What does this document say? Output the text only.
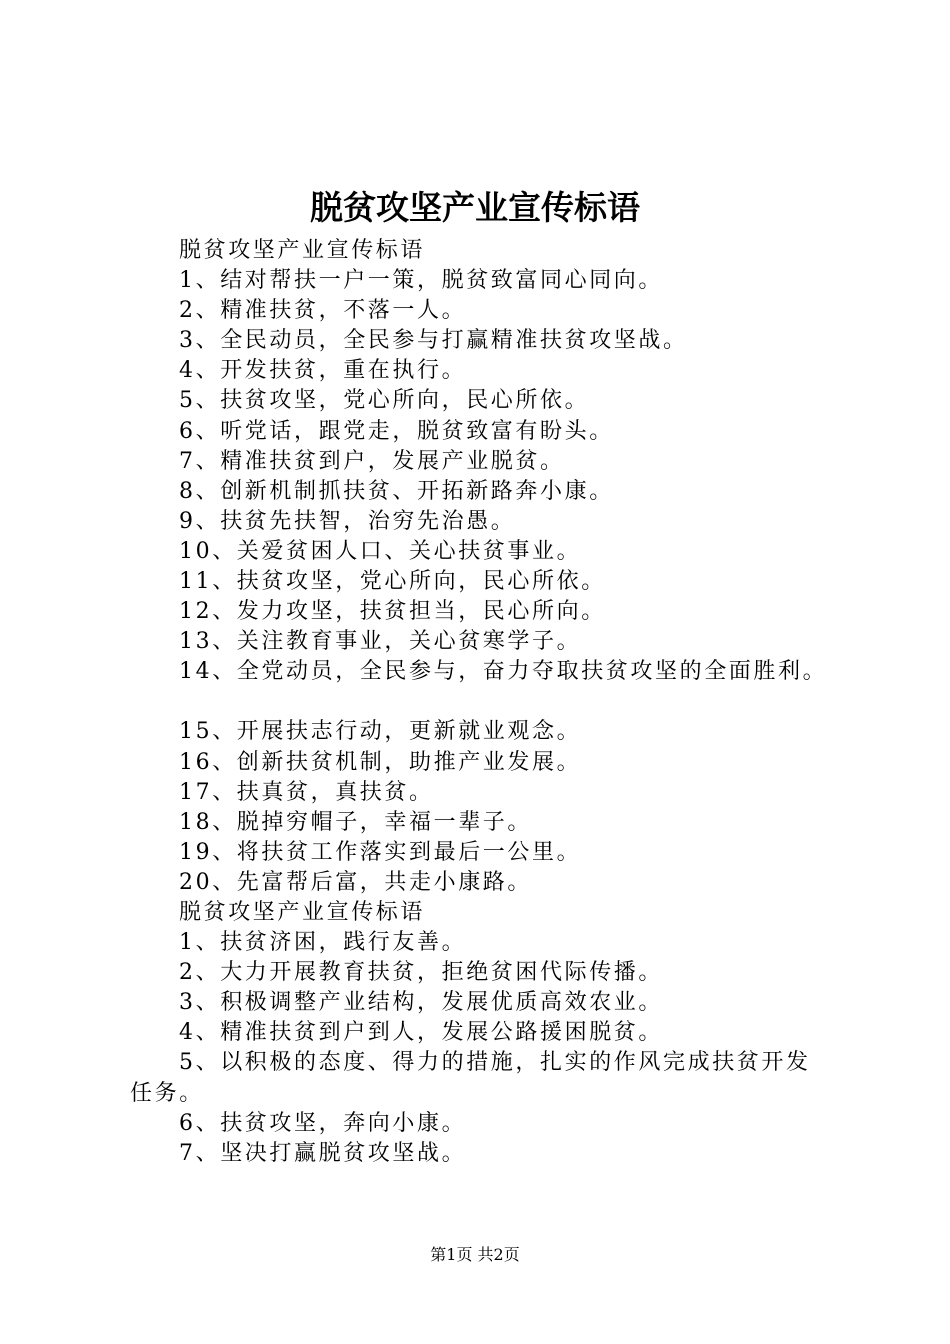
脱贫攻坚产业宣传标语

脱贫攻坚产业宣传标语

1、结对帮扶一户一策，脱贫致富同心同向。

2、精准扶贫，不落一人。

3、全民动员，全民参与打赢精准扶贫攻坚战。

4、开发扶贫，重在执行。

5、扶贫攻坚，党心所向，民心所依。

6、听党话，跟党走，脱贫致富有盼头。

7、精准扶贫到户，发展产业脱贫。

8、创新机制抓扶贫、开拓新路奔小康。

9、扶贫先扶智，治穷先治愚。

10、关爱贫困人口、关心扶贫事业。

11、扶贫攻坚，党心所向，民心所依。

12、发力攻坚，扶贫担当，民心所向。

13、关注教育事业，关心贫寒学子。

14、全党动员，全民参与，奋力夺取扶贫攻坚的全面胜利。

15、开展扶志行动，更新就业观念。

16、创新扶贫机制，助推产业发展。

17、扶真贫，真扶贫。

18、脱掉穷帽子，幸福一辈子。

19、将扶贫工作落实到最后一公里。

20、先富帮后富，共走小康路。

脱贫攻坚产业宣传标语

1、扶贫济困，践行友善。

2、大力开展教育扶贫，拒绝贫困代际传播。

3、积极调整产业结构，发展优质高效农业。

4、精准扶贫到户到人，发展公路援困脱贫。

5、以积极的态度、得力的措施，扎实的作风完成扶贫开发任务。

6、扶贫攻坚，奔向小康。

7、坚决打赢脱贫攻坚战。

第1页 共2页
